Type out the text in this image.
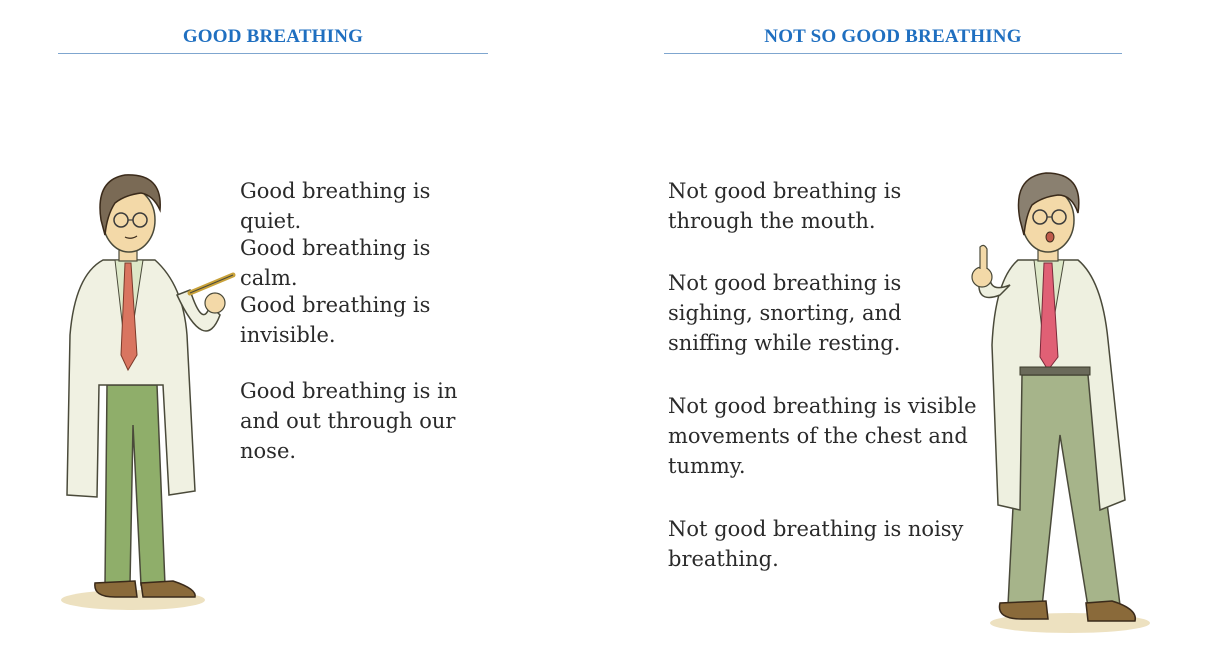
GOOD BREATHING

Good breathing is quiet.

Good breathing is calm.

Good breathing is invisible.

Good breathing is in and out through our nose.

NOT SO GOOD BREATHING

Not good breathing is through the mouth.

Not good breathing is sighing, snorting, and sniffing while resting.

Not good breathing is visible movements of the chest and tummy.

Not good breathing is noisy breathing.
